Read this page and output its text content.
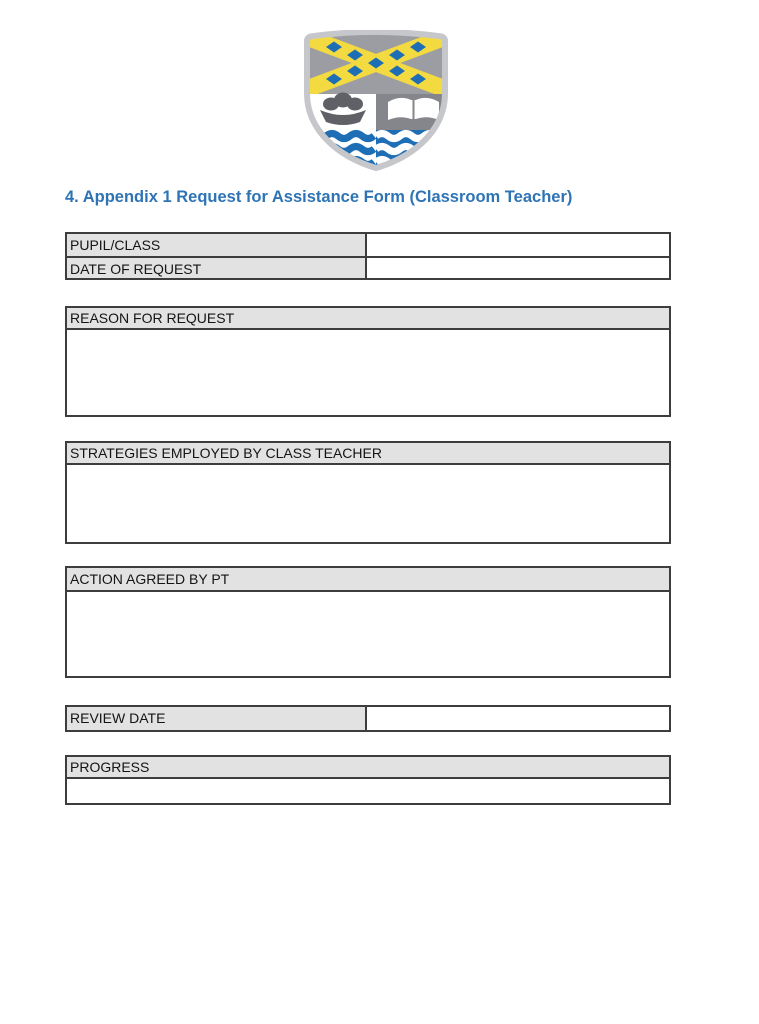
4. Appendix 1 Request for Assistance Form (Classroom Teacher)
PUPIL/CLASS
DATE OF REQUEST
REASON FOR REQUEST
STRATEGIES EMPLOYED BY CLASS TEACHER
ACTION AGREED BY PT
REVIEW DATE
PROGRESS
